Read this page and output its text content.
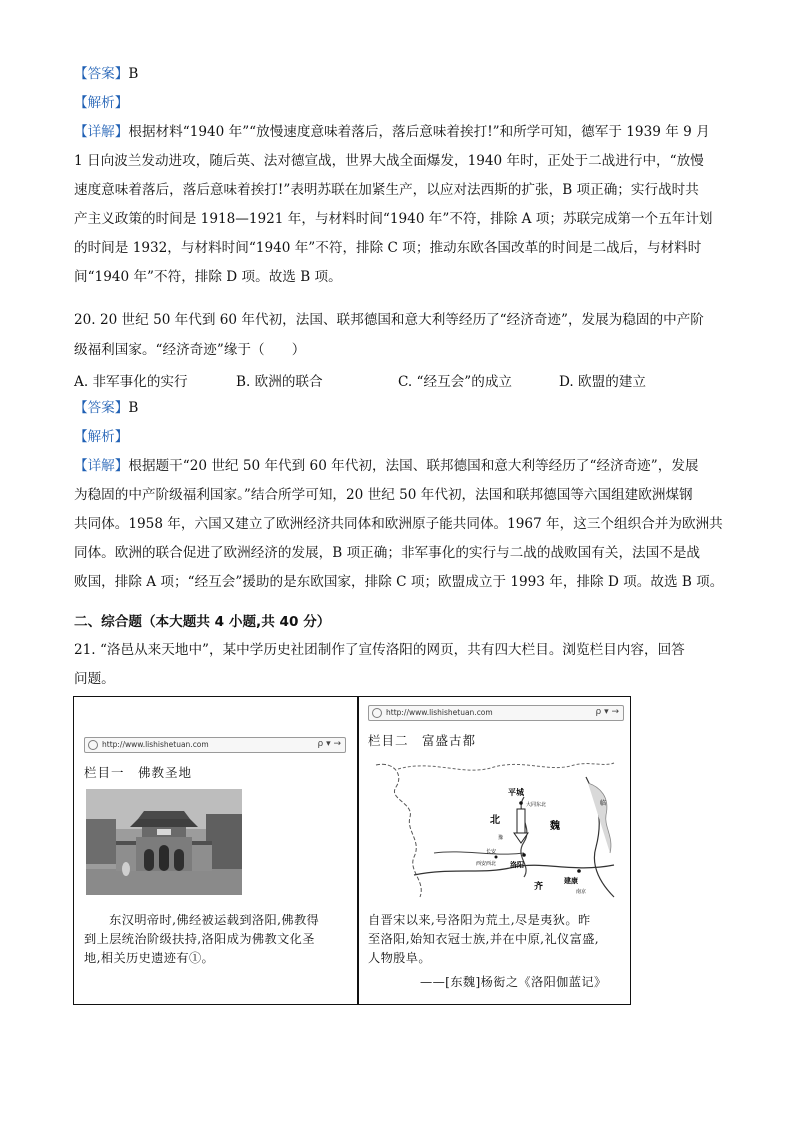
【答案】B
【解析】
【详解】根据材料“1940 年”“放慢速度意味着落后，落后意味着挨打!”和所学可知，德军于 1939 年 9 月
1 日向波兰发动进攻，随后英、法对德宣战，世界大战全面爆发，1940 年时，正处于二战进行中，“放慢
速度意味着落后，落后意味着挨打!”表明苏联在加紧生产，以应对法西斯的扩张，B 项正确；实行战时共
产主义政策的时间是 1918—1921 年，与材料时间“1940 年”不符，排除 A 项；苏联完成第一个五年计划
的时间是 1932，与材料时间“1940 年”不符，排除 C 项；推动东欧各国改革的时间是二战后，与材料时
间“1940 年”不符，排除 D 项。故选 B 项。
20. 20 世纪 50 年代到 60 年代初，法国、联邦德国和意大利等经历了“经济奇迹”，发展为稳固的中产阶
级福利国家。“经济奇迹”缘于（　　）
A. 非军事化的实行	B. 欧洲的联合	C. “经互会”的成立	D. 欧盟的建立
【答案】B
【解析】
【详解】根据题干“20 世纪 50 年代到 60 年代初，法国、联邦德国和意大利等经历了“经济奇迹”，发展
为稳固的中产阶级福利国家。”结合所学可知，20 世纪 50 年代初，法国和联邦德国等六国组建欧洲煤钢
共同体。1958 年，六国又建立了欧洲经济共同体和欧洲原子能共同体。1967 年，这三个组织合并为欧洲共
同体。欧洲的联合促进了欧洲经济的发展，B 项正确；非军事化的实行与二战的战败国有关，法国不是战
败国，排除 A 项；“经互会”援助的是东欧国家，排除 C 项；欧盟成立于 1993 年，排除 D 项。故选 B 项。
二、综合题（本大题共 4 小题,共 40 分）
21. “洛邑从来天地中”，某中学历史社团制作了宣传洛阳的网页，共有四大栏目。浏览栏目内容，回答
问题。
http://www.lishishetuan.com	ρ ▾ →
栏目一　佛教圣地
　　东汉明帝时,佛经被运载到洛阳,佛教得
到上层统治阶级扶持,洛阳成为佛教文化圣
地,相关历史遗迹有①。
http://www.lishishetuan.com	ρ ▾ →
栏目二　富盛古都
平城
大同东北
北
魏
洛阳
西安西北
长安
齐
建康
南京
豫
临
自晋宋以来,号洛阳为荒土,尽是夷狄。昨
至洛阳,始知衣冠士族,并在中原,礼仪富盛,
人物殷阜。
——[东魏]杨衒之《洛阳伽蓝记》
